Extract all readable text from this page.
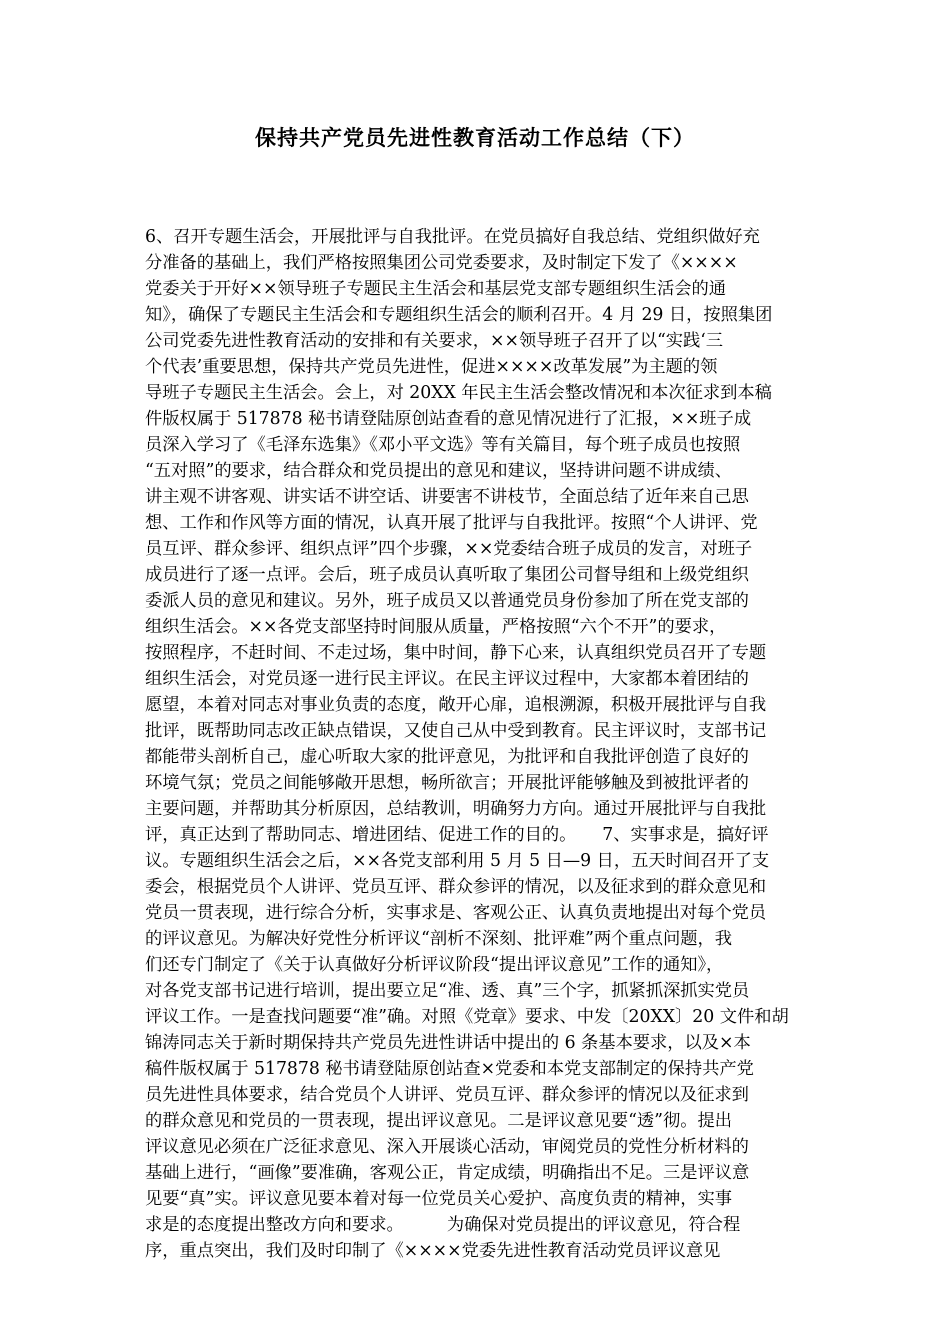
保持共产党员先进性教育活动工作总结（下）
6、召开专题生活会，开展批评与自我批评。在党员搞好自我总结、党组织做好充
分准备的基础上，我们严格按照集团公司党委要求，及时制定下发了《××××
党委关于开好××领导班子专题民主生活会和基层党支部专题组织生活会的通
知》，确保了专题民主生活会和专题组织生活会的顺利召开。4 月 29 日，按照集团
公司党委先进性教育活动的安排和有关要求，××领导班子召开了以“实践‘三
个代表’重要思想，保持共产党员先进性，促进××××改革发展”为主题的领
导班子专题民主生活会。会上，对 20XX 年民主生活会整改情况和本次征求到本稿
件版权属于 517878 秘书请登陆原创站查看的意见情况进行了汇报，××班子成
员深入学习了《毛泽东选集》《邓小平文选》等有关篇目，每个班子成员也按照
“五对照”的要求，结合群众和党员提出的意见和建议，坚持讲问题不讲成绩、
讲主观不讲客观、讲实话不讲空话、讲要害不讲枝节，全面总结了近年来自己思
想、工作和作风等方面的情况，认真开展了批评与自我批评。按照“个人讲评、党
员互评、群众参评、组织点评”四个步骤，××党委结合班子成员的发言，对班子
成员进行了逐一点评。会后，班子成员认真听取了集团公司督导组和上级党组织
委派人员的意见和建议。另外，班子成员又以普通党员身份参加了所在党支部的
组织生活会。××各党支部坚持时间服从质量，严格按照“六个不开”的要求，
按照程序，不赶时间、不走过场，集中时间，静下心来，认真组织党员召开了专题
组织生活会，对党员逐一进行民主评议。在民主评议过程中，大家都本着团结的
愿望，本着对同志对事业负责的态度，敞开心扉，追根溯源，积极开展批评与自我
批评，既帮助同志改正缺点错误，又使自己从中受到教育。民主评议时，支部书记
都能带头剖析自己，虚心听取大家的批评意见，为批评和自我批评创造了良好的
环境气氛；党员之间能够敞开思想，畅所欲言；开展批评能够触及到被批评者的
主要问题，并帮助其分析原因，总结教训，明确努力方向。通过开展批评与自我批
评，真正达到了帮助同志、增进团结、促进工作的目的。　　7、实事求是，搞好评
议。专题组织生活会之后，××各党支部利用 5 月 5 日—9 日，五天时间召开了支
委会，根据党员个人讲评、党员互评、群众参评的情况，以及征求到的群众意见和
党员一贯表现，进行综合分析，实事求是、客观公正、认真负责地提出对每个党员
的评议意见。为解决好党性分析评议“剖析不深刻、批评难”两个重点问题，我
们还专门制定了《关于认真做好分析评议阶段“提出评议意见”工作的通知》，
对各党支部书记进行培训，提出要立足“准、透、真”三个字，抓紧抓深抓实党员
评议工作。一是查找问题要“准”确。对照《党章》要求、中发〔20XX〕20 文件和胡
锦涛同志关于新时期保持共产党员先进性讲话中提出的 6 条基本要求，以及×本
稿件版权属于 517878 秘书请登陆原创站查×党委和本党支部制定的保持共产党
员先进性具体要求，结合党员个人讲评、党员互评、群众参评的情况以及征求到
的群众意见和党员的一贯表现，提出评议意见。二是评议意见要“透”彻。提出
评议意见必须在广泛征求意见、深入开展谈心活动，审阅党员的党性分析材料的
基础上进行，“画像”要准确，客观公正，肯定成绩，明确指出不足。三是评议意
见要“真”实。评议意见要本着对每一位党员关心爱护、高度负责的精神，实事
求是的态度提出整改方向和要求。　　　为确保对党员提出的评议意见，符合程
序，重点突出，我们及时印制了《××××党委先进性教育活动党员评议意见
